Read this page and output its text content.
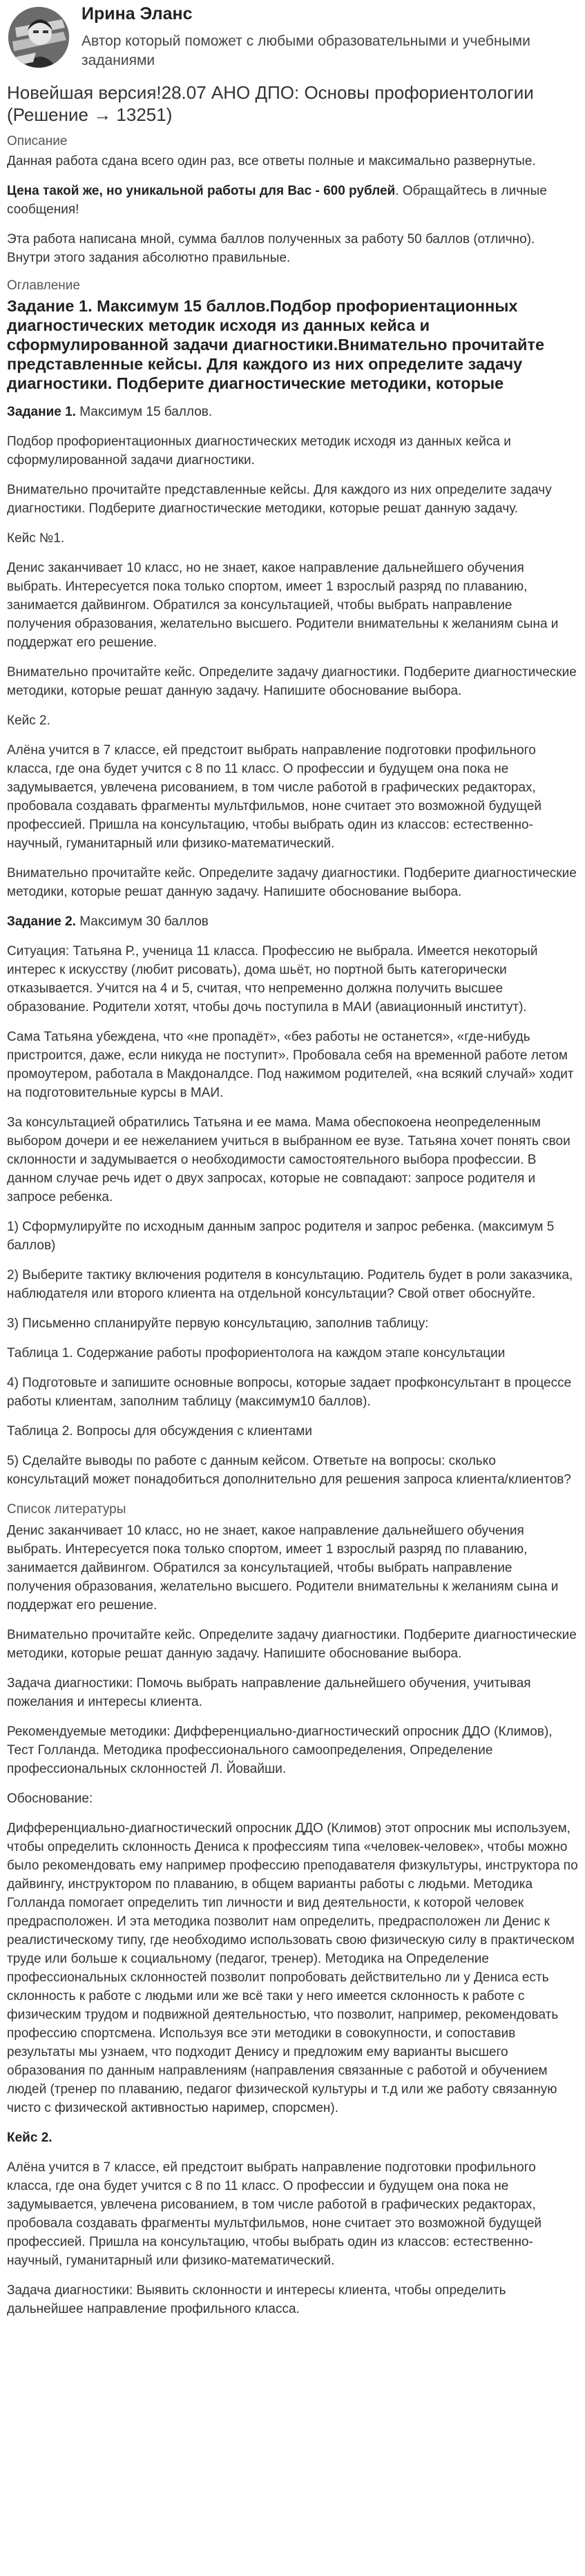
Ирина Эланс
Автор который поможет с любыми образовательными и учебными заданиями
Новейшая версия!28.07 АНО ДПО: Основы профориентологии (Решение → 13251)
Описание

Данная работа сдана всего один раз, все ответы полные и максимально развернутые.

Цена такой же, но уникальной работы для Вас - 600 рублей. Обращайтесь в личные сообщения!

Эта работа написана мной, сумма баллов полученных за работу 50 баллов (отлично). Внутри этого задания абсолютно правильные.

Оглавление
Задание 1. Максимум 15 баллов.Подбор профориентационных диагностических методик исходя из данных кейса и сформулированной задачи диагностики.Внимательно прочитайте представленные кейсы. Для каждого из них определите задачу диагностики. Подберите диагностические методики, которые

Задание 1. Максимум 15 баллов.

Подбор профориентационных диагностических методик исходя из данных кейса и сформулированной задачи диагностики.

Внимательно прочитайте представленные кейсы. Для каждого из них определите задачу диагностики. Подберите диагностические методики, которые решат данную задачу.

Кейс №1.

Денис заканчивает 10 класс, но не знает, какое направление дальнейшего обучения выбрать. Интересуется пока только спортом, имеет 1 взрослый разряд по плаванию, занимается дайвингом. Обратился за консультацией, чтобы выбрать направление получения образования, желательно высшего. Родители внимательны к желаниям сына и поддержат его решение.

Внимательно прочитайте кейс. Определите задачу диагностики. Подберите диагностические методики, которые решат данную задачу. Напишите обоснование выбора.

Кейс 2.

Алёна учится в 7 классе, ей предстоит выбрать направление подготовки профильного класса, где она будет учится с 8 по 11 класс. О профессии и будущем она пока не задумывается, увлечена рисованием, в том числе работой в графических редакторах, пробовала создавать фрагменты мультфильмов, ноне считает это возможной будущей профессией. Пришла на консультацию, чтобы выбрать один из классов: естественно-научный, гуманитарный или физико-математический.

Внимательно прочитайте кейс. Определите задачу диагностики. Подберите диагностические методики, которые решат данную задачу. Напишите обоснование выбора.

Задание 2. Максимум 30 баллов

Ситуация: Татьяна Р., ученица 11 класса. Профессию не выбрала. Имеется некоторый интерес к искусству (любит рисовать), дома шьёт, но портной быть категорически отказывается. Учится на 4 и 5, считая, что непременно должна получить высшее образование. Родители хотят, чтобы дочь поступила в МАИ (авиационный институт).

Сама Татьяна убеждена, что «не пропадёт», «без работы не останется», «где-нибудь пристроится, даже, если никуда не поступит». Пробовала себя на временной работе летом промоутером, работала в Макдоналдсе. Под нажимом родителей, «на всякий случай» ходит на подготовительные курсы в МАИ.

За консультацией обратились Татьяна и ее мама. Мама обеспокоена неопределенным выбором дочери и ее нежеланием учиться в выбранном ее вузе. Татьяна хочет понять свои склонности и задумывается о необходимости самостоятельного выбора профессии. В данном случае речь идет о двух запросах, которые не совпадают: запросе родителя и запросе ребенка.

1) Сформулируйте по исходным данным запрос родителя и запрос ребенка. (максимум 5 баллов)

2) Выберите тактику включения родителя в консультацию. Родитель будет в роли заказчика, наблюдателя или второго клиента на отдельной консультации? Свой ответ обоснуйте.

3) Письменно спланируйте первую консультацию, заполнив таблицу:

Таблица 1. Содержание работы профориентолога на каждом этапе консультации

4) Подготовьте и запишите основные вопросы, которые задает профконсультант в процессе работы клиентам, заполним таблицу (максимум10 баллов).

Таблица 2. Вопросы для обсуждения с клиентами

5) Сделайте выводы по работе с данным кейсом. Ответьте на вопросы: сколько консультаций может понадобиться дополнительно для решения запроса клиента/клиентов?

Список литературы

Денис заканчивает 10 класс, но не знает, какое направление дальнейшего обучения выбрать. Интересуется пока только спортом, имеет 1 взрослый разряд по плаванию, занимается дайвингом. Обратился за консультацией, чтобы выбрать направление получения образования, желательно высшего. Родители внимательны к желаниям сына и поддержат его решение.

Внимательно прочитайте кейс. Определите задачу диагностики. Подберите диагностические методики, которые решат данную задачу. Напишите обоснование выбора.

Задача диагностики: Помочь выбрать направление дальнейшего обучения, учитывая пожелания и интересы клиента.

Рекомендуемые методики: Дифференциально-диагностический опросник ДДО (Климов), Тест Голланда. Методика профессионального самоопределения, Определение профессиональных склонностей Л. Йовайши.

Обоснование:

Дифференциально-диагностический опросник ДДО (Климов) этот опросник мы используем, чтобы определить склонность Дениса к профессиям типа «человек-человек», чтобы можно было рекомендовать ему например профессию преподавателя физкультуры, инструктора по дайвингу, инструктором по плаванию, в общем варианты работы с людьми. Методика Голланда помогает определить тип личности и вид деятельности, к которой человек предрасположен. И эта методика позволит нам определить, предрасположен ли Денис к реалистическому типу, где необходимо использовать свою физическую силу в практическом труде или больше к социальному (педагог, тренер). Методика на Определение профессиональных склонностей позволит попробовать действительно ли у Дениса есть склонность к работе с людьми или же всё таки у него имеется склонность к работе с физическим трудом и подвижной деятельностью, что позволит, например, рекомендовать профессию спортсмена. Используя все эти методики в совокупности, и сопоставив результаты мы узнаем, что подходит Денису и предложим ему варианты высшего образования по данным направлениям (направления связанные с работой и обучением людей (тренер по плаванию, педагог физической культуры и т.д или же работу связанную чисто с физической активностью наример, спорсмен).

Кейс 2.

Алёна учится в 7 классе, ей предстоит выбрать направление подготовки профильного класса, где она будет учится с 8 по 11 класс. О профессии и будущем она пока не задумывается, увлечена рисованием, в том числе работой в графических редакторах, пробовала создавать фрагменты мультфильмов, ноне считает это возможной будущей профессией. Пришла на консультацию, чтобы выбрать один из классов: естественно-научный, гуманитарный или физико-математический.

Задача диагностики: Выявить склонности и интересы клиента, чтобы определить дальнейшее направление профильного класса.
